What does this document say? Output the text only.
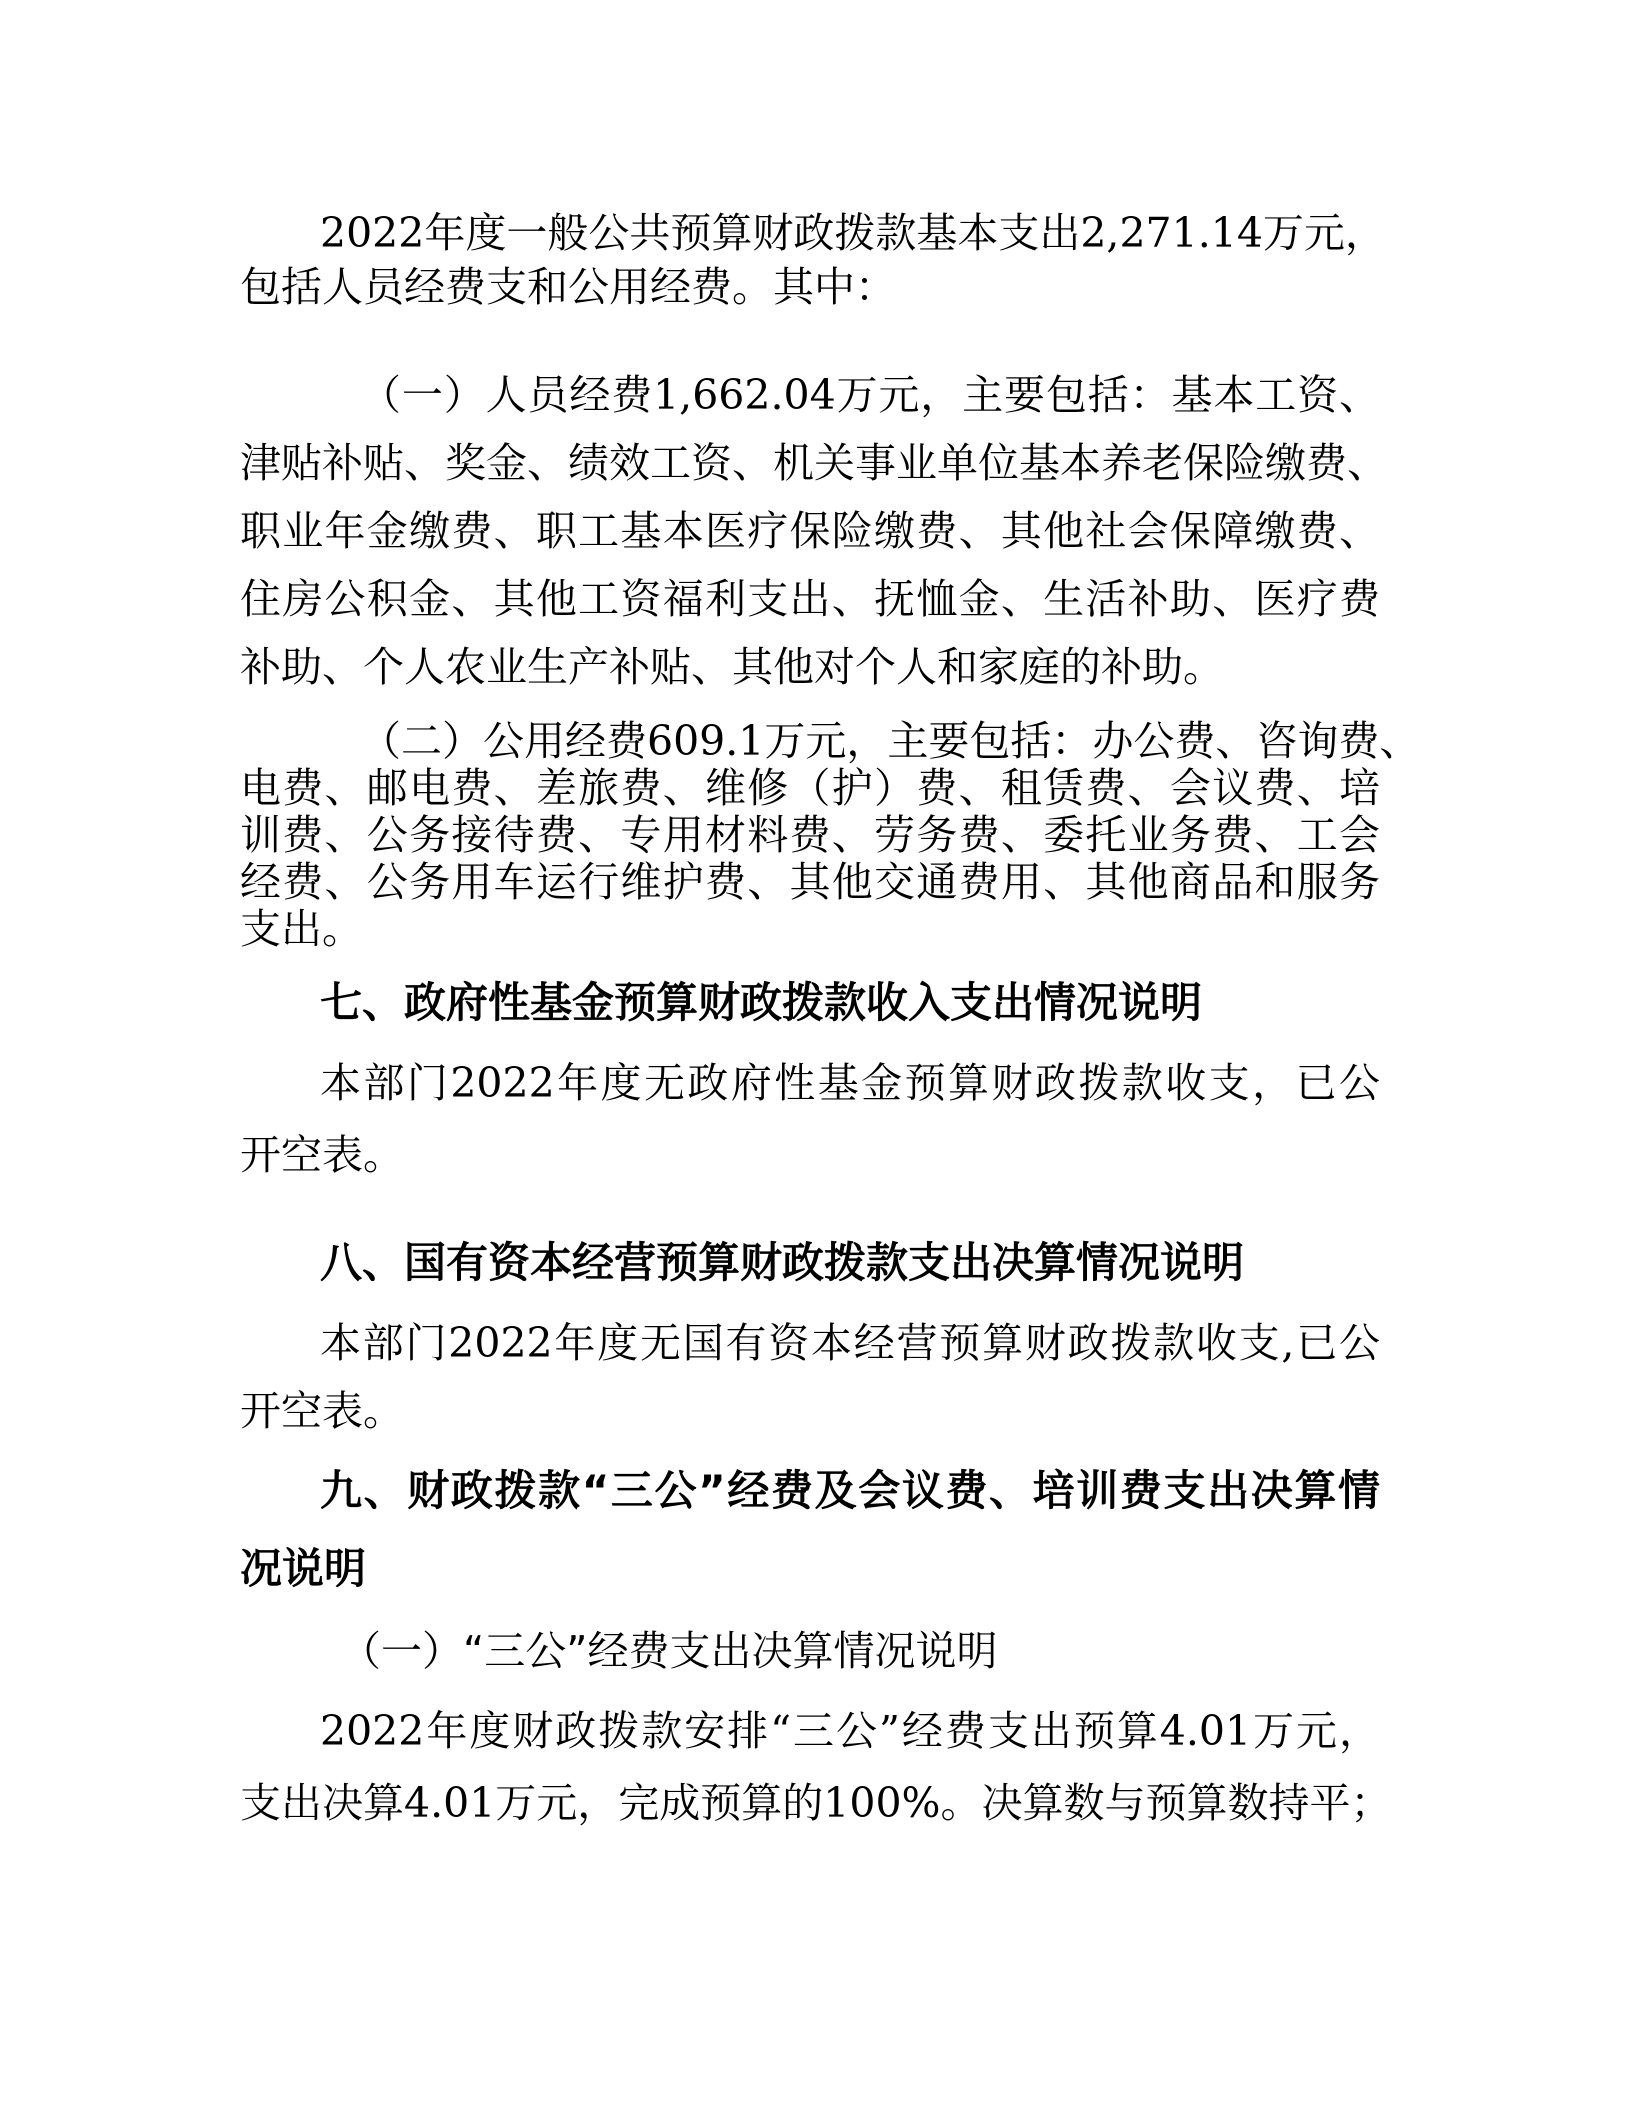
2022年度一般公共预算财政拨款基本支出2,271.14万元，
包括人员经费支和公用经费。其中：
（一）人员经费1,662.04万元，主要包括：基本工资、
津贴补贴、奖金、绩效工资、机关事业单位基本养老保险缴费、
职业年金缴费、职工基本医疗保险缴费、其他社会保障缴费、
住房公积金、其他工资福利支出、抚恤金、生活补助、医疗费
补助、个人农业生产补贴、其他对个人和家庭的补助。
（二）公用经费609.1万元，主要包括：办公费、咨询费、
电费、邮电费、差旅费、维修（护）费、租赁费、会议费、培
训费、公务接待费、专用材料费、劳务费、委托业务费、工会
经费、公务用车运行维护费、其他交通费用、其他商品和服务
支出。
七、政府性基金预算财政拨款收入支出情况说明
本部门2022年度无政府性基金预算财政拨款收支，已公
开空表。
八、国有资本经营预算财政拨款支出决算情况说明
本部门2022年度无国有资本经营预算财政拨款收支,已公
开空表。
九、财政拨款“三公”经费及会议费、培训费支出决算情
况说明
（一）“三公”经费支出决算情况说明
2022年度财政拨款安排“三公”经费支出预算4.01万元，
支出决算4.01万元，完成预算的100%。决算数与预算数持平；
